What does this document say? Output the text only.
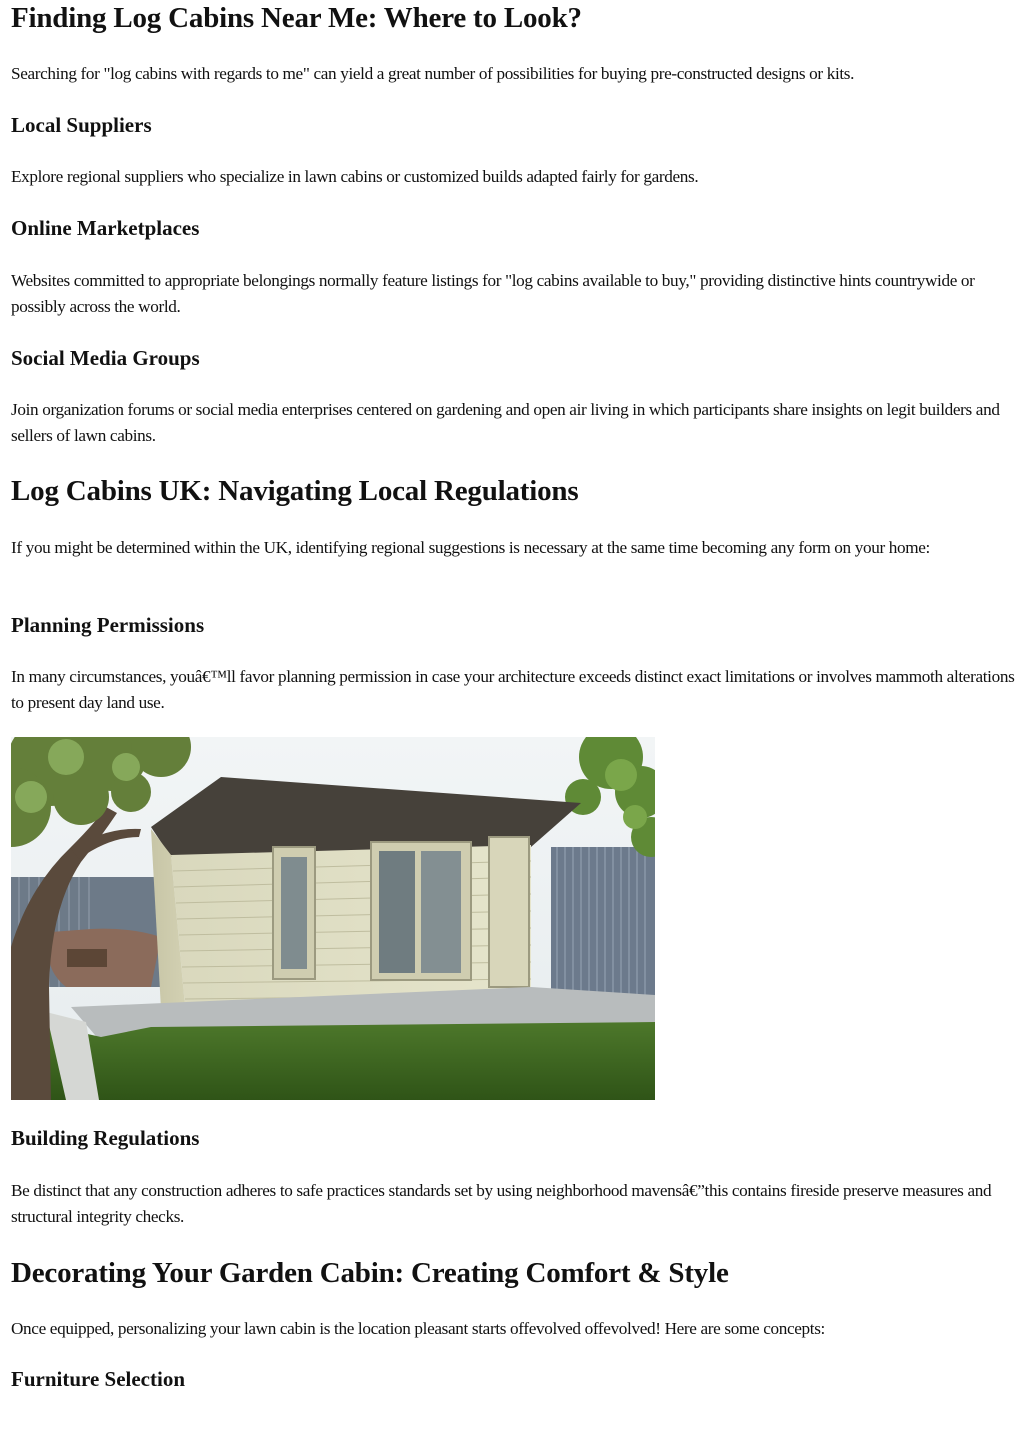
Finding Log Cabins Near Me: Where to Look?

Searching for "log cabins with regards to me" can yield a great number of possibilities for buying pre-constructed designs or kits.

Local Suppliers

Explore regional suppliers who specialize in lawn cabins or customized builds adapted fairly for gardens.

Online Marketplaces

Websites committed to appropriate belongings normally feature listings for "log cabins available to buy," providing distinctive hints countrywide or possibly across the world.

Social Media Groups

Join organization forums or social media enterprises centered on gardening and open air living in which participants share insights on legit builders and sellers of lawn cabins.

Log Cabins UK: Navigating Local Regulations

If you might be determined within the UK, identifying regional suggestions is necessary at the same time becoming any form on your home:

Planning Permissions

In many circumstances, youâ€™ll favor planning permission in case your architecture exceeds distinct exact limitations or involves mammoth alterations to present day land use.

Building Regulations

Be distinct that any construction adheres to safe practices standards set by using neighborhood mavensâ€”this contains fireside preserve measures and structural integrity checks.

Decorating Your Garden Cabin: Creating Comfort & Style

Once equipped, personalizing your lawn cabin is the location pleasant starts offevolved offevolved! Here are some concepts:

Furniture Selection
